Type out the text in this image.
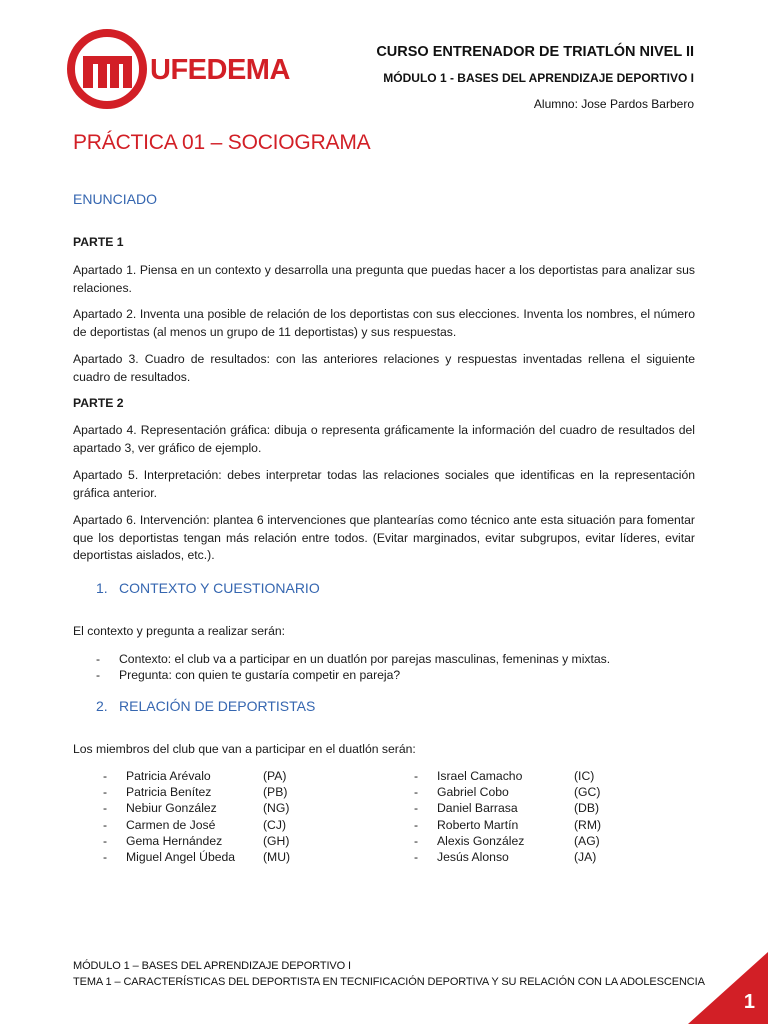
UFEDEMA
CURSO ENTRENADOR DE TRIATLÓN NIVEL II
MÓDULO 1 - BASES DEL APRENDIZAJE DEPORTIVO I
Alumno: Jose Pardos Barbero
PRÁCTICA 01 – SOCIOGRAMA
ENUNCIADO
PARTE 1
Apartado 1. Piensa en un contexto y desarrolla una pregunta que puedas hacer a los deportistas para analizar sus relaciones.
Apartado 2. Inventa una posible de relación de los deportistas con sus elecciones. Inventa los nombres, el número de deportistas (al menos un grupo de 11 deportistas) y sus respuestas.
Apartado 3. Cuadro de resultados: con las anteriores relaciones y respuestas inventadas rellena el siguiente cuadro de resultados.
PARTE 2
Apartado 4. Representación gráfica: dibuja o representa gráficamente la información del cuadro de resultados del apartado 3, ver gráfico de ejemplo.
Apartado 5. Interpretación: debes interpretar todas las relaciones sociales que identificas en la representación gráfica anterior.
Apartado 6. Intervención: plantea 6 intervenciones que plantearías como técnico ante esta situación para fomentar que los deportistas tengan más relación entre todos. (Evitar marginados, evitar subgrupos, evitar líderes, evitar deportistas aislados, etc.).
1. CONTEXTO Y CUESTIONARIO
El contexto y pregunta a realizar serán:
- Contexto: el club va a participar en un duatlón por parejas masculinas, femeninas y mixtas.
- Pregunta: con quien te gustaría competir en pareja?
2. RELACIÓN DE DEPORTISTAS
Los miembros del club que van a participar en el duatlón serán:
- Patricia Arévalo	(PA)
- Patricia Benítez	(PB)
- Nebiur González	(NG)
- Carmen de José	(CJ)
- Gema Hernández	(GH)
- Miguel Angel Úbeda (MU)
- Israel Camacho	(IC)
- Gabriel Cobo	(GC)
- Daniel Barrasa	(DB)
- Roberto Martín	(RM)
- Alexis González	(AG)
- Jesús Alonso	(JA)
MÓDULO 1 – BASES DEL APRENDIZAJE DEPORTIVO I
TEMA 1 – CARACTERÍSTICAS DEL DEPORTISTA EN TECNIFICACIÓN DEPORTIVA Y SU RELACIÓN CON LA ADOLESCENCIA
1
